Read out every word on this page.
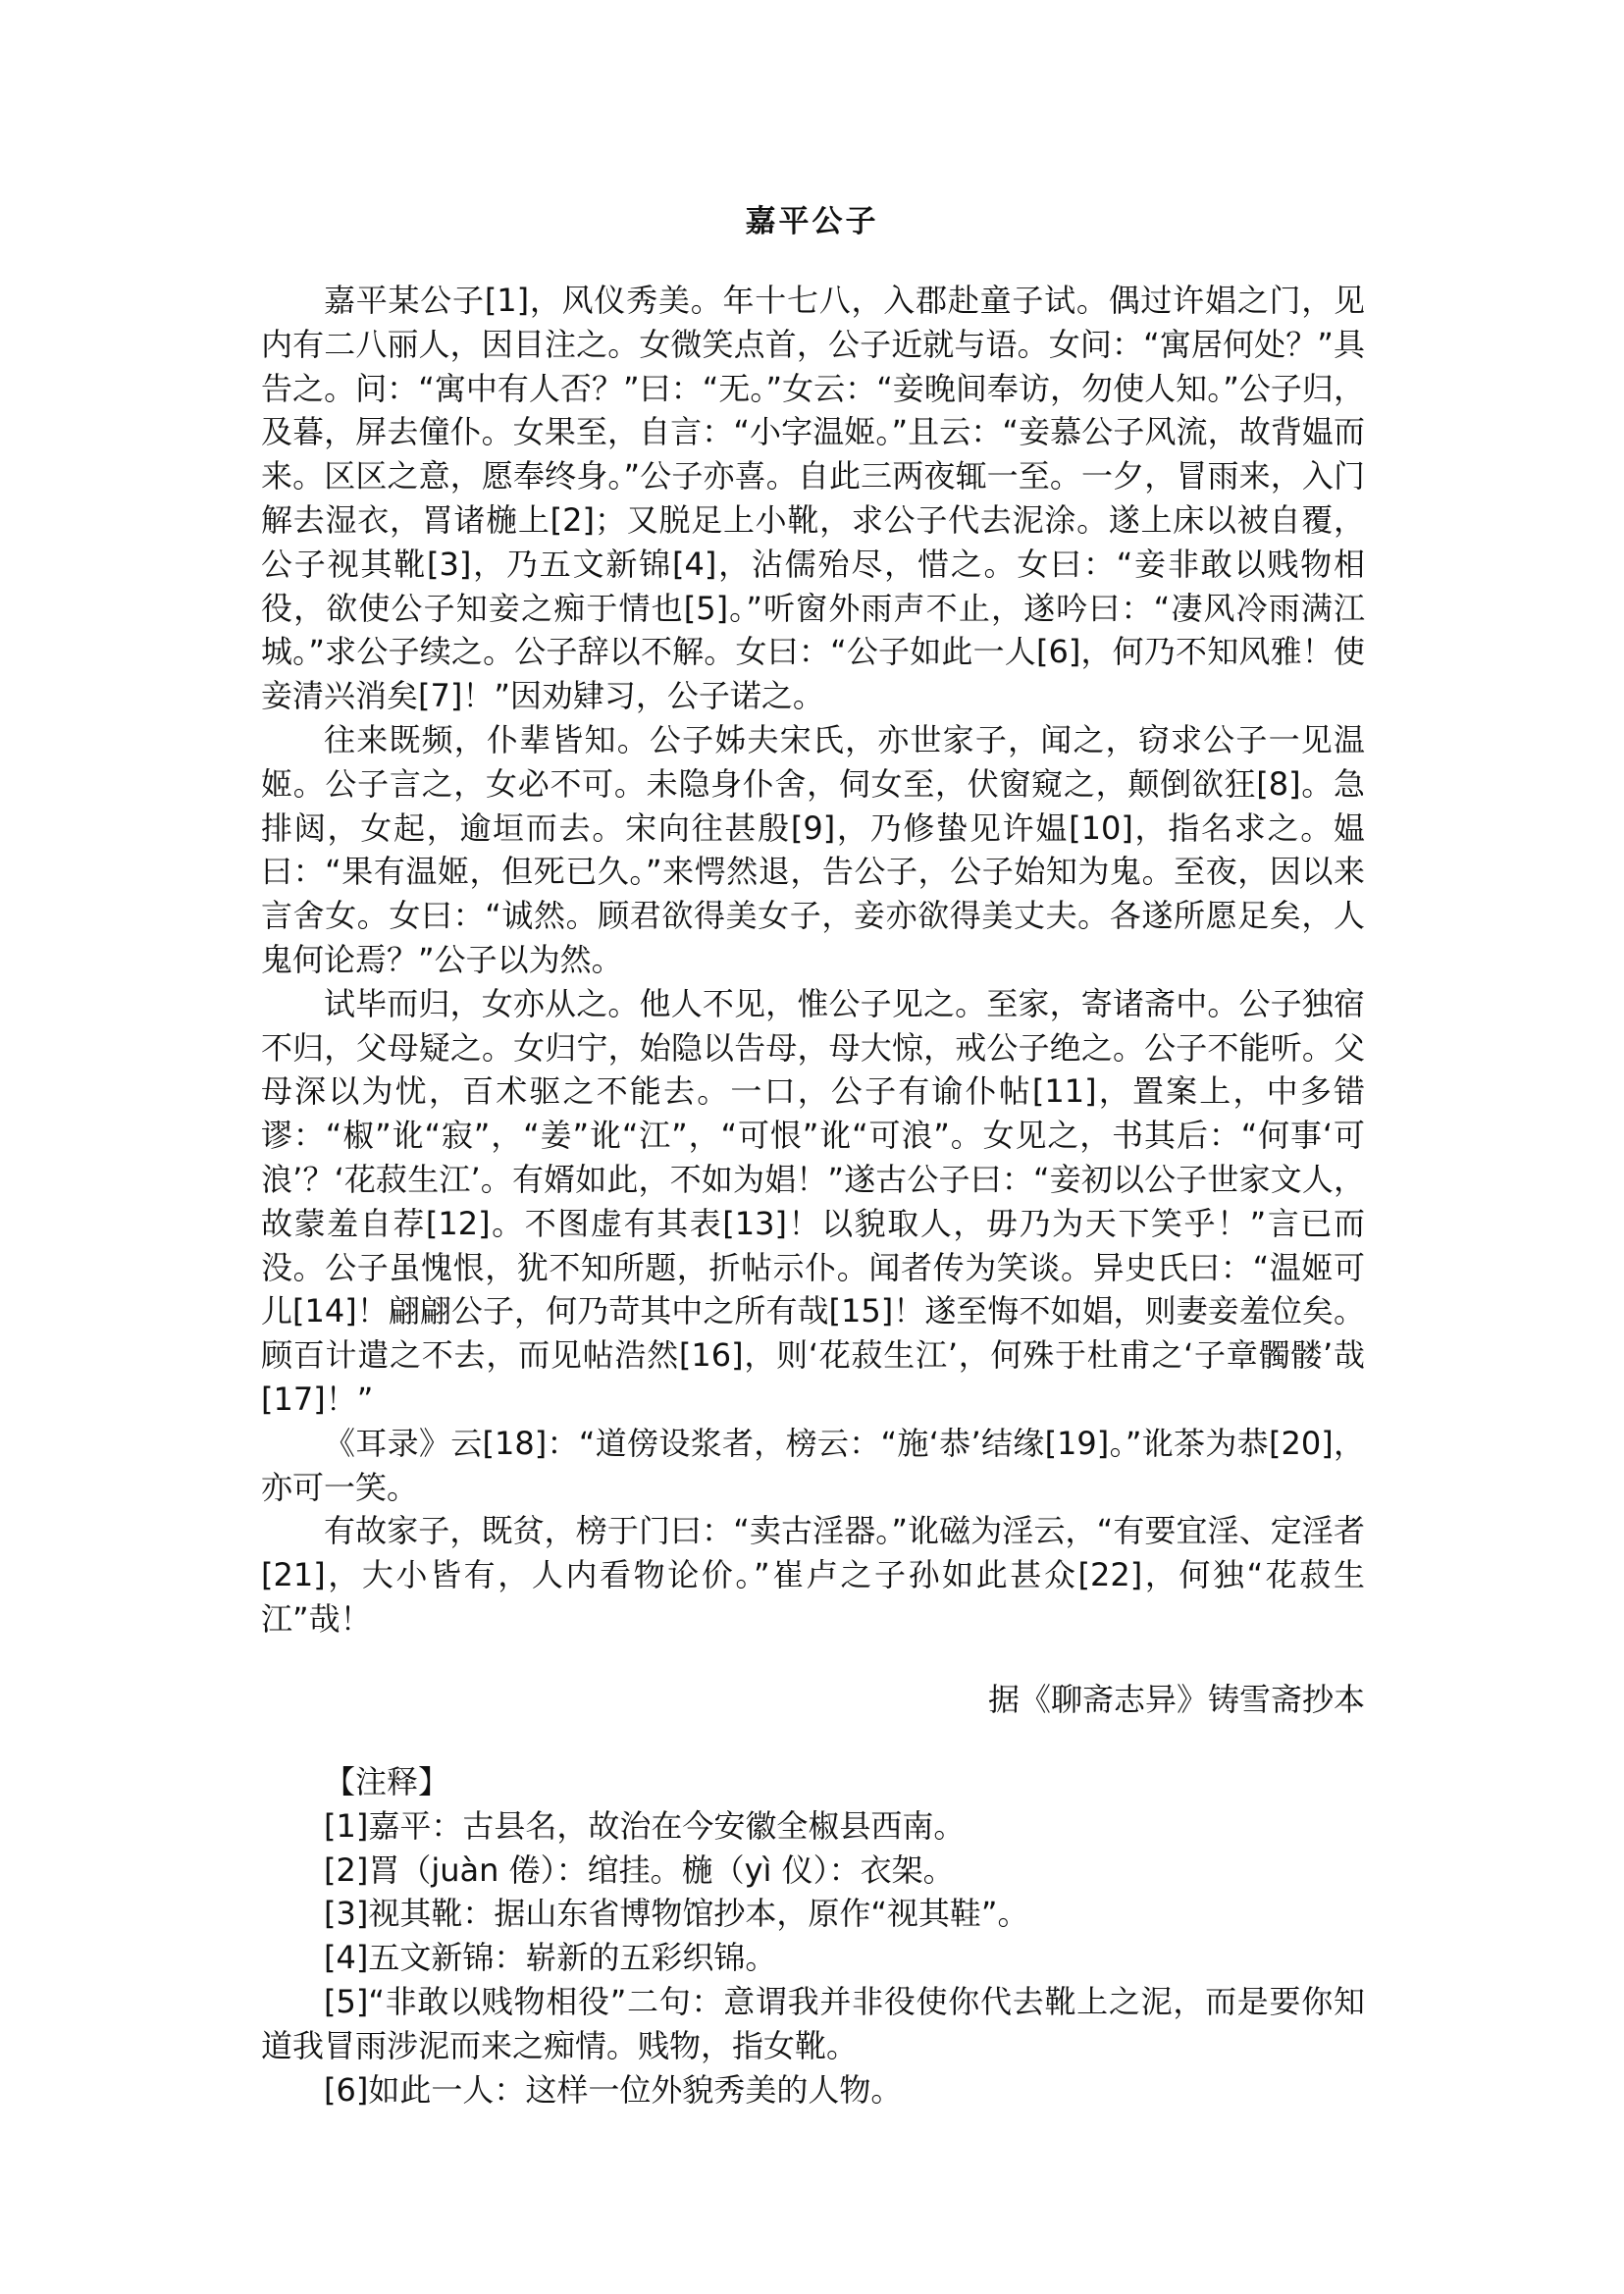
嘉平公子

嘉平某公子[1]，风仪秀美。年十七八，入郡赴童子试。偶过许娼之门，见内有二八丽人，因目注之。女微笑点首，公子近就与语。女问：“寓居何处？”具告之。问：“寓中有人否？”曰：“无。”女云：“妾晚间奉访，勿使人知。”公子归，及暮，屏去僮仆。女果至，自言：“小字温姬。”且云：“妾慕公子风流，故背媪而来。区区之意，愿奉终身。”公子亦喜。自此三两夜辄一至。一夕，冒雨来，入门解去湿衣，罥诸椸上[2]；又脱足上小靴，求公子代去泥涂。遂上床以被自覆，公子视其靴[3]，乃五文新锦[4]，沾儒殆尽，惜之。女曰：“妾非敢以贱物相役，欲使公子知妾之痴于情也[5]。”听窗外雨声不止，遂吟曰：“凄风冷雨满江城。”求公子续之。公子辞以不解。女曰：“公子如此一人[6]，何乃不知风雅！使妾清兴消矣[7]！”因劝肄习，公子诺之。

往来既频，仆辈皆知。公子姊夫宋氏，亦世家子，闻之，窃求公子一见温姬。公子言之，女必不可。未隐身仆舍，伺女至，伏窗窥之，颠倒欲狂[8]。急排闼，女起，逾垣而去。宋向往甚殷[9]，乃修蛰见许媪[10]，指名求之。媪曰：“果有温姬，但死已久。”来愕然退，告公子，公子始知为鬼。至夜，因以来言舍女。女曰：“诚然。顾君欲得美女子，妾亦欲得美丈夫。各遂所愿足矣，人鬼何论焉？”公子以为然。

试毕而归，女亦从之。他人不见，惟公子见之。至家，寄诸斋中。公子独宿不归，父母疑之。女归宁，始隐以告母，母大惊，戒公子绝之。公子不能听。父母深以为忧，百术驱之不能去。一口，公子有谕仆帖[11]，置案上，中多错谬：“椒”讹“寂”，“姜”讹“江”，“可恨”讹“可浪”。女见之，书其后：“何事‘可浪’？‘花菽生江’。有婿如此，不如为娼！”遂古公子曰：“妾初以公子世家文人，故蒙羞自荐[12]。不图虚有其表[13]！以貌取人，毋乃为天下笑乎！”言已而没。公子虽愧恨，犹不知所题，折帖示仆。闻者传为笑谈。异史氏曰：“温姬可儿[14]！翩翩公子，何乃苛其中之所有哉[15]！遂至悔不如娼，则妻妾羞位矣。顾百计遣之不去，而见帖浩然[16]，则‘花菽生江’，何殊于杜甫之‘子章髑髅’哉[17]！”

《耳录》云[18]：“道傍设浆者，榜云：“施‘恭’结缘[19]。”讹茶为恭[20]，亦可一笑。

有故家子，既贫，榜于门曰：“卖古淫器。”讹磁为淫云，“有要宜淫、定淫者[21]，大小皆有，人内看物论价。”崔卢之子孙如此甚众[22]，何独“花菽生江”哉！

据《聊斋志异》铸雪斋抄本

【注释】

[1]嘉平：古县名，故治在今安徽全椒县西南。

[2]罥（juàn 倦）：绾挂。椸（yì 仪）：衣架。

[3]视其靴：据山东省博物馆抄本，原作“视其鞋”。

[4]五文新锦：崭新的五彩织锦。

[5]“非敢以贱物相役”二句：意谓我并非役使你代去靴上之泥，而是要你知道我冒雨涉泥而来之痴情。贱物，指女靴。

[6]如此一人：这样一位外貌秀美的人物。
